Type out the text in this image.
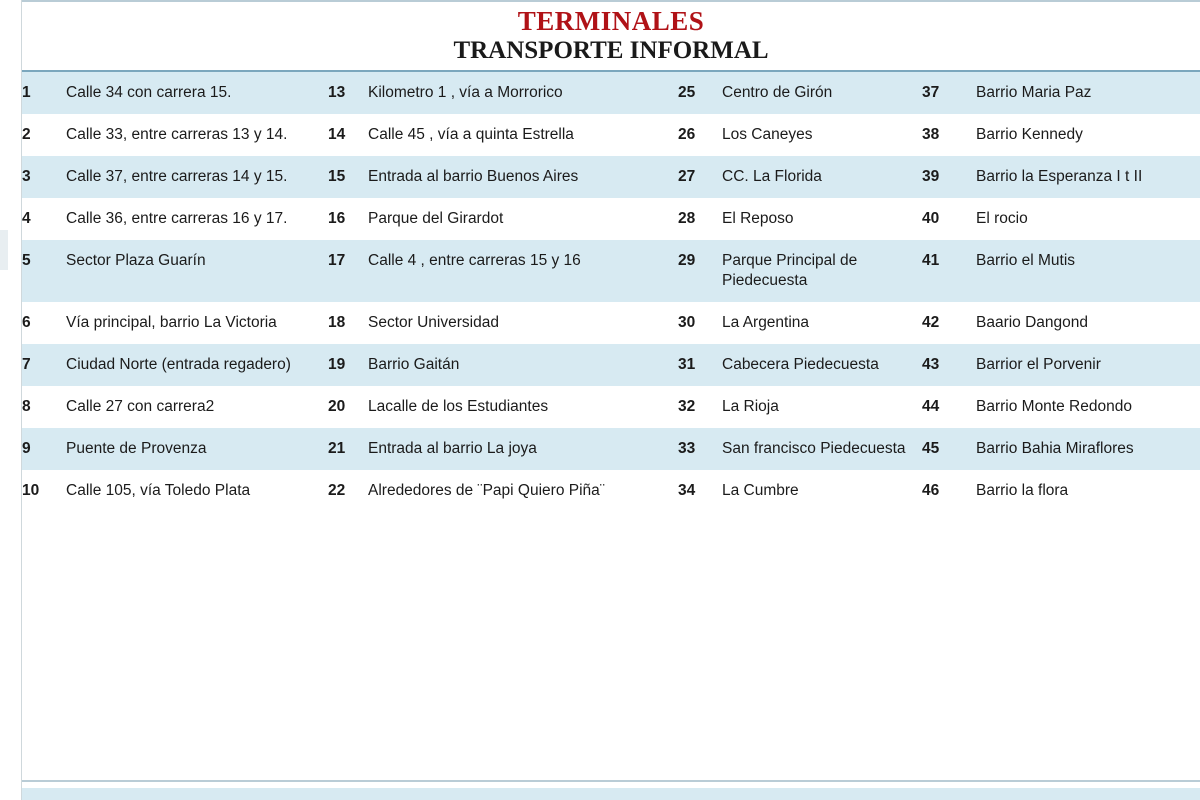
TERMINALES
TRANSPORTE INFORMAL
1	Calle 34 con carrera 15.	13	Kilometro 1 , vía a Morrorico	25	Centro de Girón	37	Barrio Maria Paz
2	Calle 33, entre carreras 13 y 14.	14	Calle 45 , vía a quinta Estrella	26	Los Caneyes	38	Barrio Kennedy
3	Calle 37, entre carreras 14 y 15.	15	Entrada al barrio Buenos Aires	27	CC. La Florida	39	Barrio la Esperanza I t II
4	Calle 36, entre carreras 16 y 17.	16	Parque del Girardot	28	El Reposo	40	El rocio
5	Sector Plaza Guarín	17	Calle 4 , entre carreras 15 y 16	29	Parque Principal de Piedecuesta	41	Barrio el Mutis
6	Vía principal, barrio La Victoria	18	Sector Universidad	30	La Argentina	42	Baario Dangond
7	Ciudad Norte (entrada regadero)	19	Barrio Gaitán	31	Cabecera Piedecuesta	43	Barrior el Porvenir
8	Calle 27 con carrera2	20	Lacalle de los Estudiantes	32	La Rioja	44	Barrio Monte Redondo
9	Puente de Provenza	21	Entrada al barrio La joya	33	San francisco Piedecuesta	45	Barrio Bahia Miraflores
10	Calle 105, vía Toledo Plata	22	Alrededores de ¨Papi Quiero Piña¨	34	La Cumbre	46	Barrio la flora
